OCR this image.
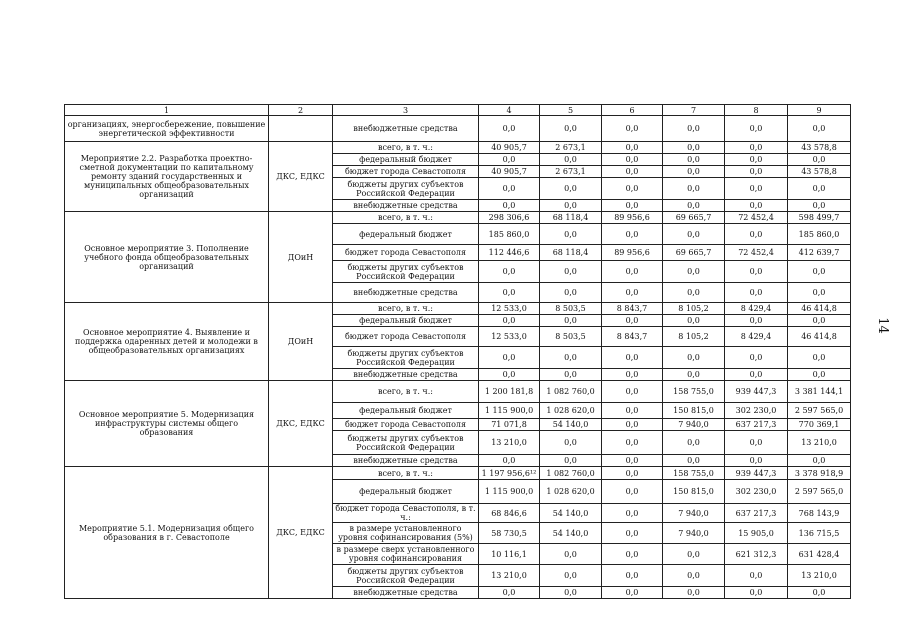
1	2	3	4	5	6	7	8	9
организациях, энергосбережение, повышение энергетической эффективности		внебюджетные средства	0,0	0,0	0,0	0,0	0,0	0,0
Мероприятие 2.2. Разработка проектно-сметной документации по капитальному ремонту зданий государственных и муниципальных общеобразовательных организаций	ДКС, ЕДКС	всего, в т. ч.:	40 905,7	2 673,1	0,0	0,0	0,0	43 578,8
		федеральный бюджет	0,0	0,0	0,0	0,0	0,0	0,0
		бюджет города Севастополя	40 905,7	2 673,1	0,0	0,0	0,0	43 578,8
		бюджеты других субъектов Российской Федерации	0,0	0,0	0,0	0,0	0,0	0,0
		внебюджетные средства	0,0	0,0	0,0	0,0	0,0	0,0
Основное мероприятие 3. Пополнение учебного фонда общеобразовательных организаций	ДОиН	всего, в т. ч.:	298 306,6	68 118,4	89 956,6	69 665,7	72 452,4	598 499,7
		федеральный бюджет	185 860,0	0,0	0,0	0,0	0,0	185 860,0
		бюджет города Севастополя	112 446,6	68 118,4	89 956,6	69 665,7	72 452,4	412 639,7
		бюджеты других субъектов Российской Федерации	0,0	0,0	0,0	0,0	0,0	0,0
		внебюджетные средства	0,0	0,0	0,0	0,0	0,0	0,0
Основное мероприятие 4. Выявление и поддержка одаренных детей и молодежи в общеобразовательных организациях	ДОиН	всего, в т. ч.:	12 533,0	8 503,5	8 843,7	8 105,2	8 429,4	46 414,8
		федеральный бюджет	0,0	0,0	0,0	0,0	0,0	0,0
		бюджет города Севастополя	12 533,0	8 503,5	8 843,7	8 105,2	8 429,4	46 414,8
		бюджеты других субъектов Российской Федерации	0,0	0,0	0,0	0,0	0,0	0,0
		внебюджетные средства	0,0	0,0	0,0	0,0	0,0	0,0
Основное мероприятие 5. Модернизация инфраструктуры системы общего образования	ДКС, ЕДКС	всего, в т. ч.:	1 200 181,8	1 082 760,0	0,0	158 755,0	939 447,3	3 381 144,1
		федеральный бюджет	1 115 900,0	1 028 620,0	0,0	150 815,0	302 230,0	2 597 565,0
		бюджет города Севастополя	71 071,8	54 140,0	0,0	7 940,0	637 217,3	770 369,1
		бюджеты других субъектов Российской Федерации	13 210,0	0,0	0,0	0,0	0,0	13 210,0
		внебюджетные средства	0,0	0,0	0,0	0,0	0,0	0,0
Мероприятие 5.1. Модернизация общего образования в г. Севастополе	ДКС, ЕДКС	всего, в т. ч.:	1 197 956,6¹²	1 082 760,0	0,0	158 755,0	939 447,3	3 378 918,9
		федеральный бюджет	1 115 900,0	1 028 620,0	0,0	150 815,0	302 230,0	2 597 565,0
		бюджет города Севастополя, в т. ч.:	68 846,6	54 140,0	0,0	7 940,0	637 217,3	768 143,9
		в размере установленного уровня софинансирования (5%)	58 730,5	54 140,0	0,0	7 940,0	15 905,0	136 715,5
		в размере сверх установленного уровня софинансирования	10 116,1	0,0	0,0	0,0	621 312,3	631 428,4
		бюджеты других субъектов Российской Федерации	13 210,0	0,0	0,0	0,0	0,0	13 210,0
		внебюджетные средства	0,0	0,0	0,0	0,0	0,0	0,0
14
